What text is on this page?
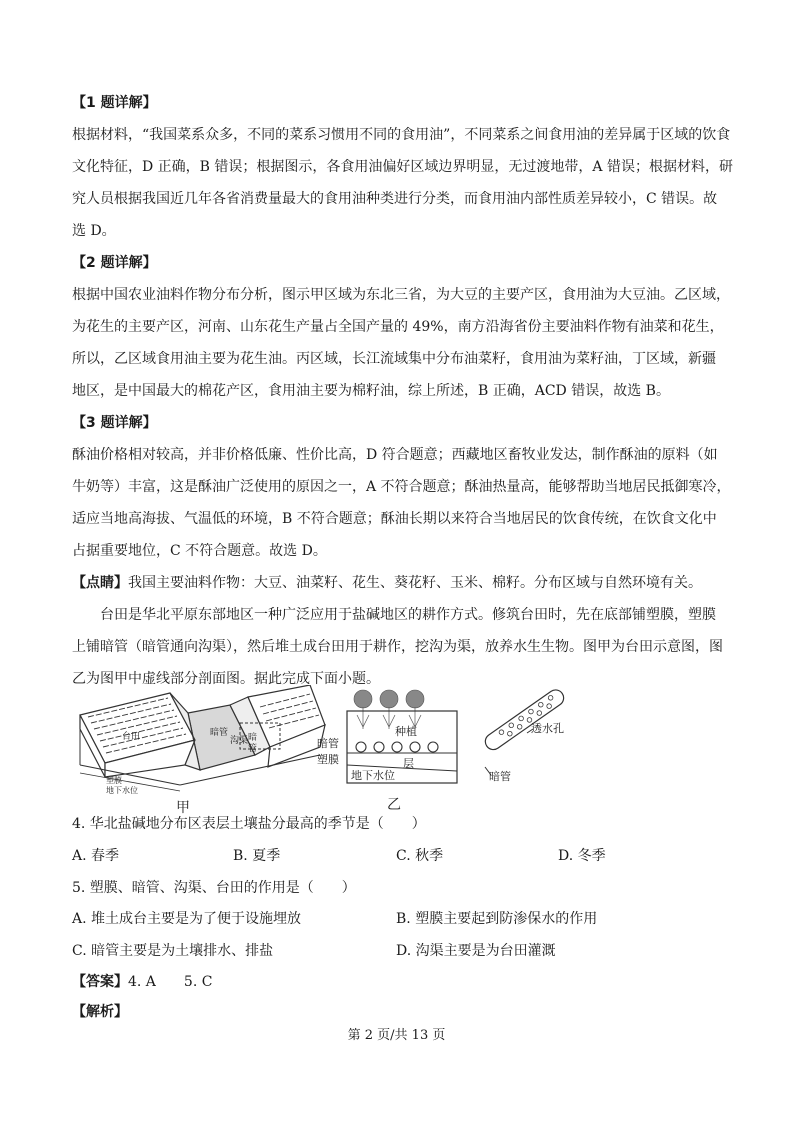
【1 题详解】
根据材料，“我国菜系众多，不同的菜系习惯用不同的食用油”，不同菜系之间食用油的差异属于区域的饮食
文化特征，D 正确，B 错误；根据图示，各食用油偏好区域边界明显，无过渡地带，A 错误；根据材料，研
究人员根据我国近几年各省消费量最大的食用油种类进行分类，而食用油内部性质差异较小，C 错误。故
选 D。
【2 题详解】
根据中国农业油料作物分布分析，图示甲区域为东北三省，为大豆的主要产区，食用油为大豆油。乙区域，
为花生的主要产区，河南、山东花生产量占全国产量的 49%，南方沿海省份主要油料作物有油菜和花生，
所以，乙区域食用油主要为花生油。丙区域，长江流域集中分布油菜籽，食用油为菜籽油，丁区域，新疆
地区，是中国最大的棉花产区，食用油主要为棉籽油，综上所述，B 正确，ACD 错误，故选 B。
【3 题详解】
酥油价格相对较高，并非价格低廉、性价比高，D 符合题意；西藏地区畜牧业发达，制作酥油的原料（如
牛奶等）丰富，这是酥油广泛使用的原因之一，A 不符合题意；酥油热量高，能够帮助当地居民抵御寒冷，
适应当地高海拔、气温低的环境，B 不符合题意；酥油长期以来符合当地居民的饮食传统，在饮食文化中
占据重要地位，C 不符合题意。故选 D。
【点睛】我国主要油料作物：大豆、油菜籽、花生、葵花籽、玉米、棉籽。分布区域与自然环境有关。
台田是华北平原东部地区一种广泛应用于盐碱地区的耕作方式。修筑台田时，先在底部铺塑膜，塑膜
上铺暗管（暗管通向沟渠），然后堆土成台田用于耕作，挖沟为渠，放养水生生物。图甲为台田示意图，图
乙为图甲中虚线部分剖面图。据此完成下面小题。
台田	暗管

沟渠
塑膜
地下水位
暗
管
甲
种植
层
暗管
塑膜
地下水位
透水孔
暗管
乙
4. 华北盐碱地分布区表层土壤盐分最高的季节是（　　）
A. 春季	B. 夏季	C. 秋季	D. 冬季
5. 塑膜、暗管、沟渠、台田的作用是（　　）
A. 堆土成台主要是为了便于设施埋放	B. 塑膜主要起到防渗保水的作用
C. 暗管主要是为土壤排水、排盐	D. 沟渠主要是为台田灌溉
【答案】4. A　　5. C
【解析】
第 2 页/共 13 页
